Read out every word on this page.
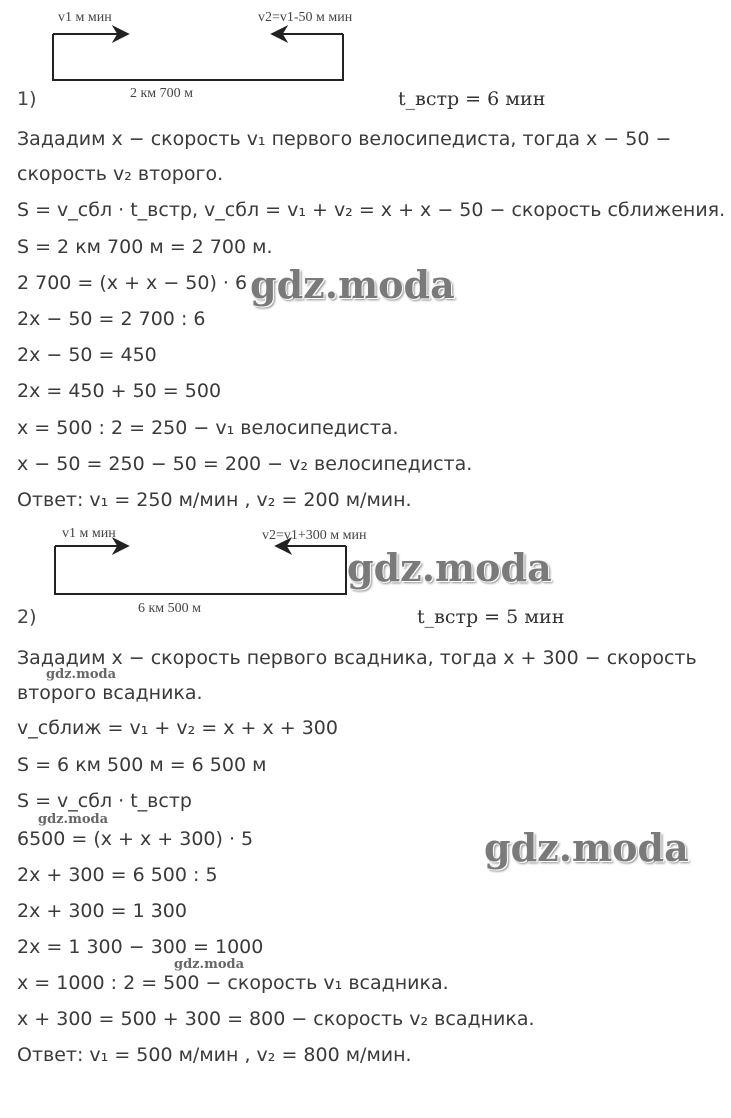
v1 м мин	v2=v1-50 м мин
2 км 700 м
1)	t_встр = 6 мин
Зададим x − скорость v₁ первого велосипедиста, тогда x − 50 −
скорость v₂ второго.
S = v_сбл · t_встр, v_сбл = v₁ + v₂ = x + x − 50 − скорость сближения.
S = 2 км 700 м = 2 700 м.
2 700 = (x + x − 50) · 6
2x − 50 = 2 700 : 6
2x − 50 = 450
2x = 450 + 50 = 500
x = 500 : 2 = 250 − v₁ велосипедиста.
x − 50 = 250 − 50 = 200 − v₂ велосипедиста.
Ответ: v₁ = 250 м/мин , v₂ = 200 м/мин.
v1 м мин	v2=v1+300 м мин
6 км 500 м
2)	t_встр = 5 мин
Зададим x − скорость первого всадника, тогда x + 300 − скорость
второго всадника.
v_сближ = v₁ + v₂ = x + x + 300
S = 6 км 500 м = 6 500 м
S = v_сбл · t_встр
6500 = (x + x + 300) · 5
2x + 300 = 6 500 : 5
2x + 300 = 1 300
2x = 1 300 − 300 = 1000
x = 1000 : 2 = 500 − скорость v₁ всадника.
x + 300 = 500 + 300 = 800 − скорость v₂ всадника.
Ответ: v₁ = 500 м/мин , v₂ = 800 м/мин.
gdz.moda
gdz.moda
gdz.moda
gdz.moda
gdz.moda
gdz.moda
